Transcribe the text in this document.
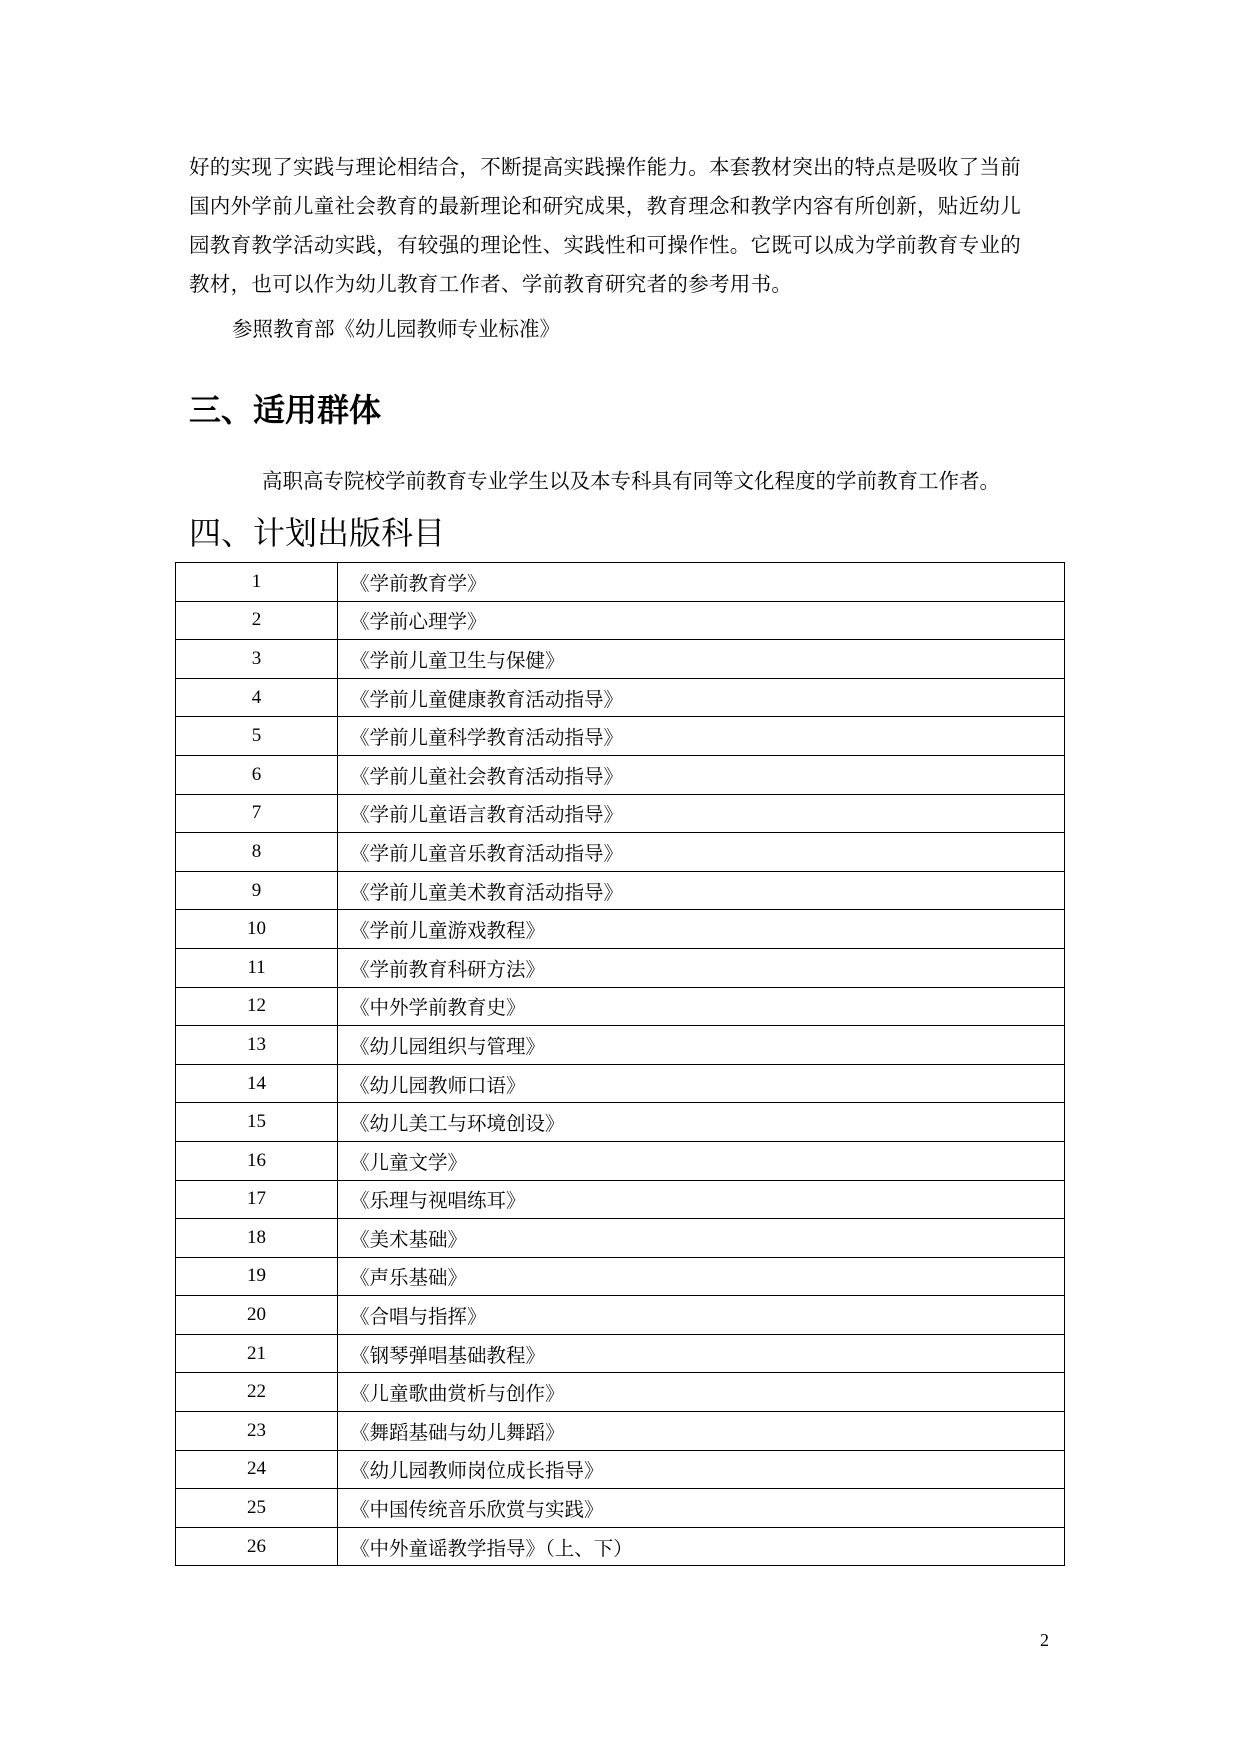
好的实现了实践与理论相结合，不断提高实践操作能力。本套教材突出的特点是吸收了当前
国内外学前儿童社会教育的最新理论和研究成果，教育理念和教学内容有所创新，贴近幼儿
园教育教学活动实践，有较强的理论性、实践性和可操作性。它既可以成为学前教育专业的
教材，也可以作为幼儿教育工作者、学前教育研究者的参考用书。
参照教育部《幼儿园教师专业标准》
三、适用群体
高职高专院校学前教育专业学生以及本专科具有同等文化程度的学前教育工作者。
四、计划出版科目
1	《学前教育学》
2	《学前心理学》
3	《学前儿童卫生与保健》
4	《学前儿童健康教育活动指导》
5	《学前儿童科学教育活动指导》
6	《学前儿童社会教育活动指导》
7	《学前儿童语言教育活动指导》
8	《学前儿童音乐教育活动指导》
9	《学前儿童美术教育活动指导》
10	《学前儿童游戏教程》
11	《学前教育科研方法》
12	《中外学前教育史》
13	《幼儿园组织与管理》
14	《幼儿园教师口语》
15	《幼儿美工与环境创设》
16	《儿童文学》
17	《乐理与视唱练耳》
18	《美术基础》
19	《声乐基础》
20	《合唱与指挥》
21	《钢琴弹唱基础教程》
22	《儿童歌曲赏析与创作》
23	《舞蹈基础与幼儿舞蹈》
24	《幼儿园教师岗位成长指导》
25	《中国传统音乐欣赏与实践》
26	《中外童谣教学指导》（上、下）
2
